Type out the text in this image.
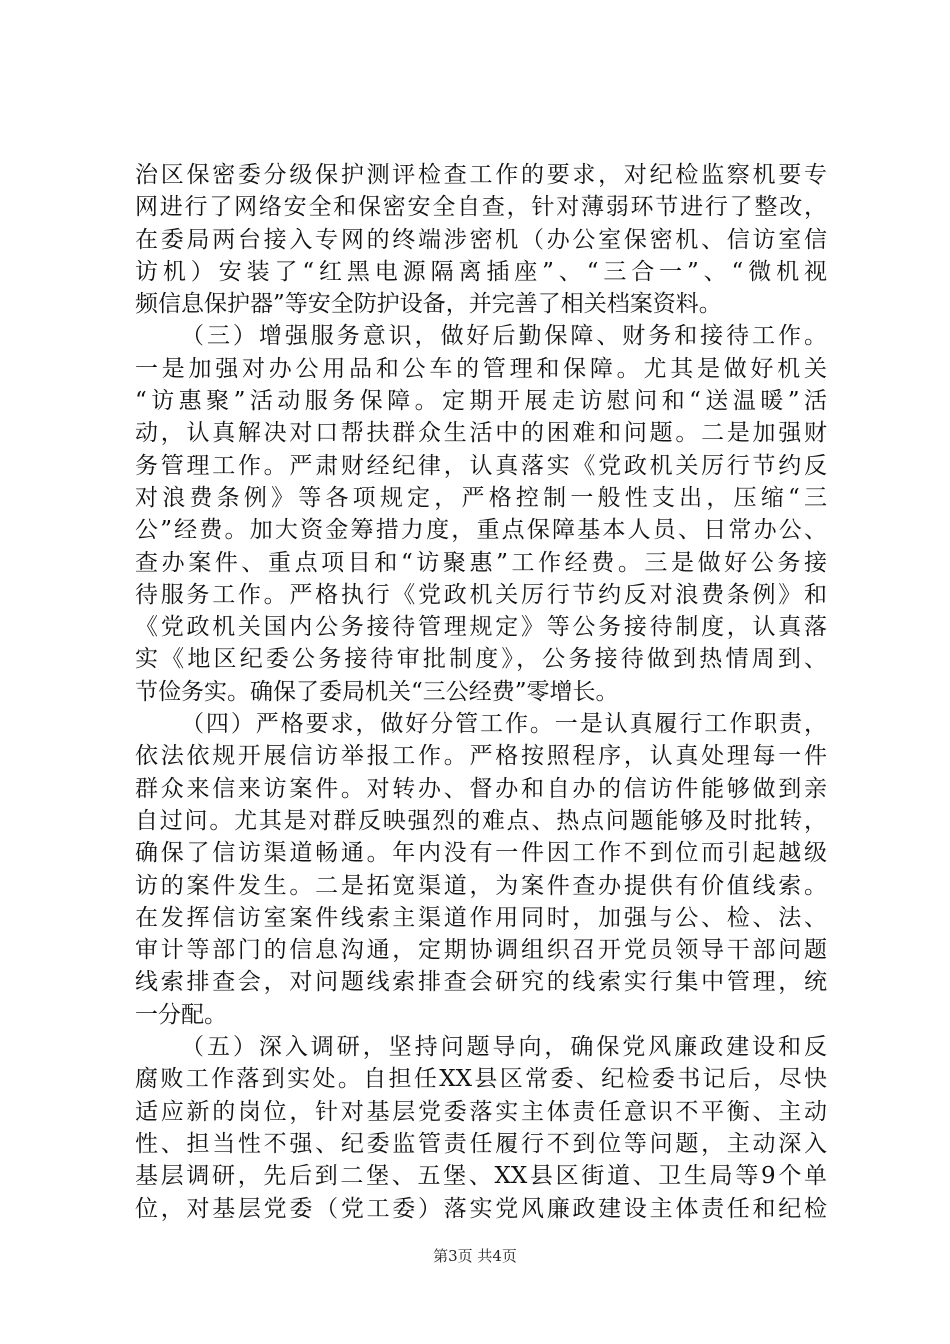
治区保密委分级保护测评检查工作的要求，对纪检监察机要专
网进行了网络安全和保密安全自查，针对薄弱环节进行了整改，
在委局两台接入专网的终端涉密机（办公室保密机、信访室信
访机）安装了“红黑电源隔离插座”、“三合一”、“微机视
频信息保护器”等安全防护设备，并完善了相关档案资料。
（三）增强服务意识，做好后勤保障、财务和接待工作。
一是加强对办公用品和公车的管理和保障。尤其是做好机关
“访惠聚”活动服务保障。定期开展走访慰问和“送温暖”活
动，认真解决对口帮扶群众生活中的困难和问题。二是加强财
务管理工作。严肃财经纪律，认真落实《党政机关厉行节约反
对浪费条例》等各项规定，严格控制一般性支出，压缩“三
公”经费。加大资金筹措力度，重点保障基本人员、日常办公、
查办案件、重点项目和“访聚惠”工作经费。三是做好公务接
待服务工作。严格执行《党政机关厉行节约反对浪费条例》和
《党政机关国内公务接待管理规定》等公务接待制度，认真落
实《地区纪委公务接待审批制度》，公务接待做到热情周到、
节俭务实。确保了委局机关“三公经费”零增长。
（四）严格要求，做好分管工作。一是认真履行工作职责，
依法依规开展信访举报工作。严格按照程序，认真处理每一件
群众来信来访案件。对转办、督办和自办的信访件能够做到亲
自过问。尤其是对群反映强烈的难点、热点问题能够及时批转，
确保了信访渠道畅通。年内没有一件因工作不到位而引起越级
访的案件发生。二是拓宽渠道，为案件查办提供有价值线索。
在发挥信访室案件线索主渠道作用同时，加强与公、检、法、
审计等部门的信息沟通，定期协调组织召开党员领导干部问题
线索排查会，对问题线索排查会研究的线索实行集中管理，统
一分配。
（五）深入调研，坚持问题导向，确保党风廉政建设和反
腐败工作落到实处。自担任XX县区常委、纪检委书记后，尽快
适应新的岗位，针对基层党委落实主体责任意识不平衡、主动
性、担当性不强、纪委监管责任履行不到位等问题，主动深入
基层调研，先后到二堡、五堡、XX县区街道、卫生局等9个单
位，对基层党委（党工委）落实党风廉政建设主体责任和纪检
第3页 共4页
